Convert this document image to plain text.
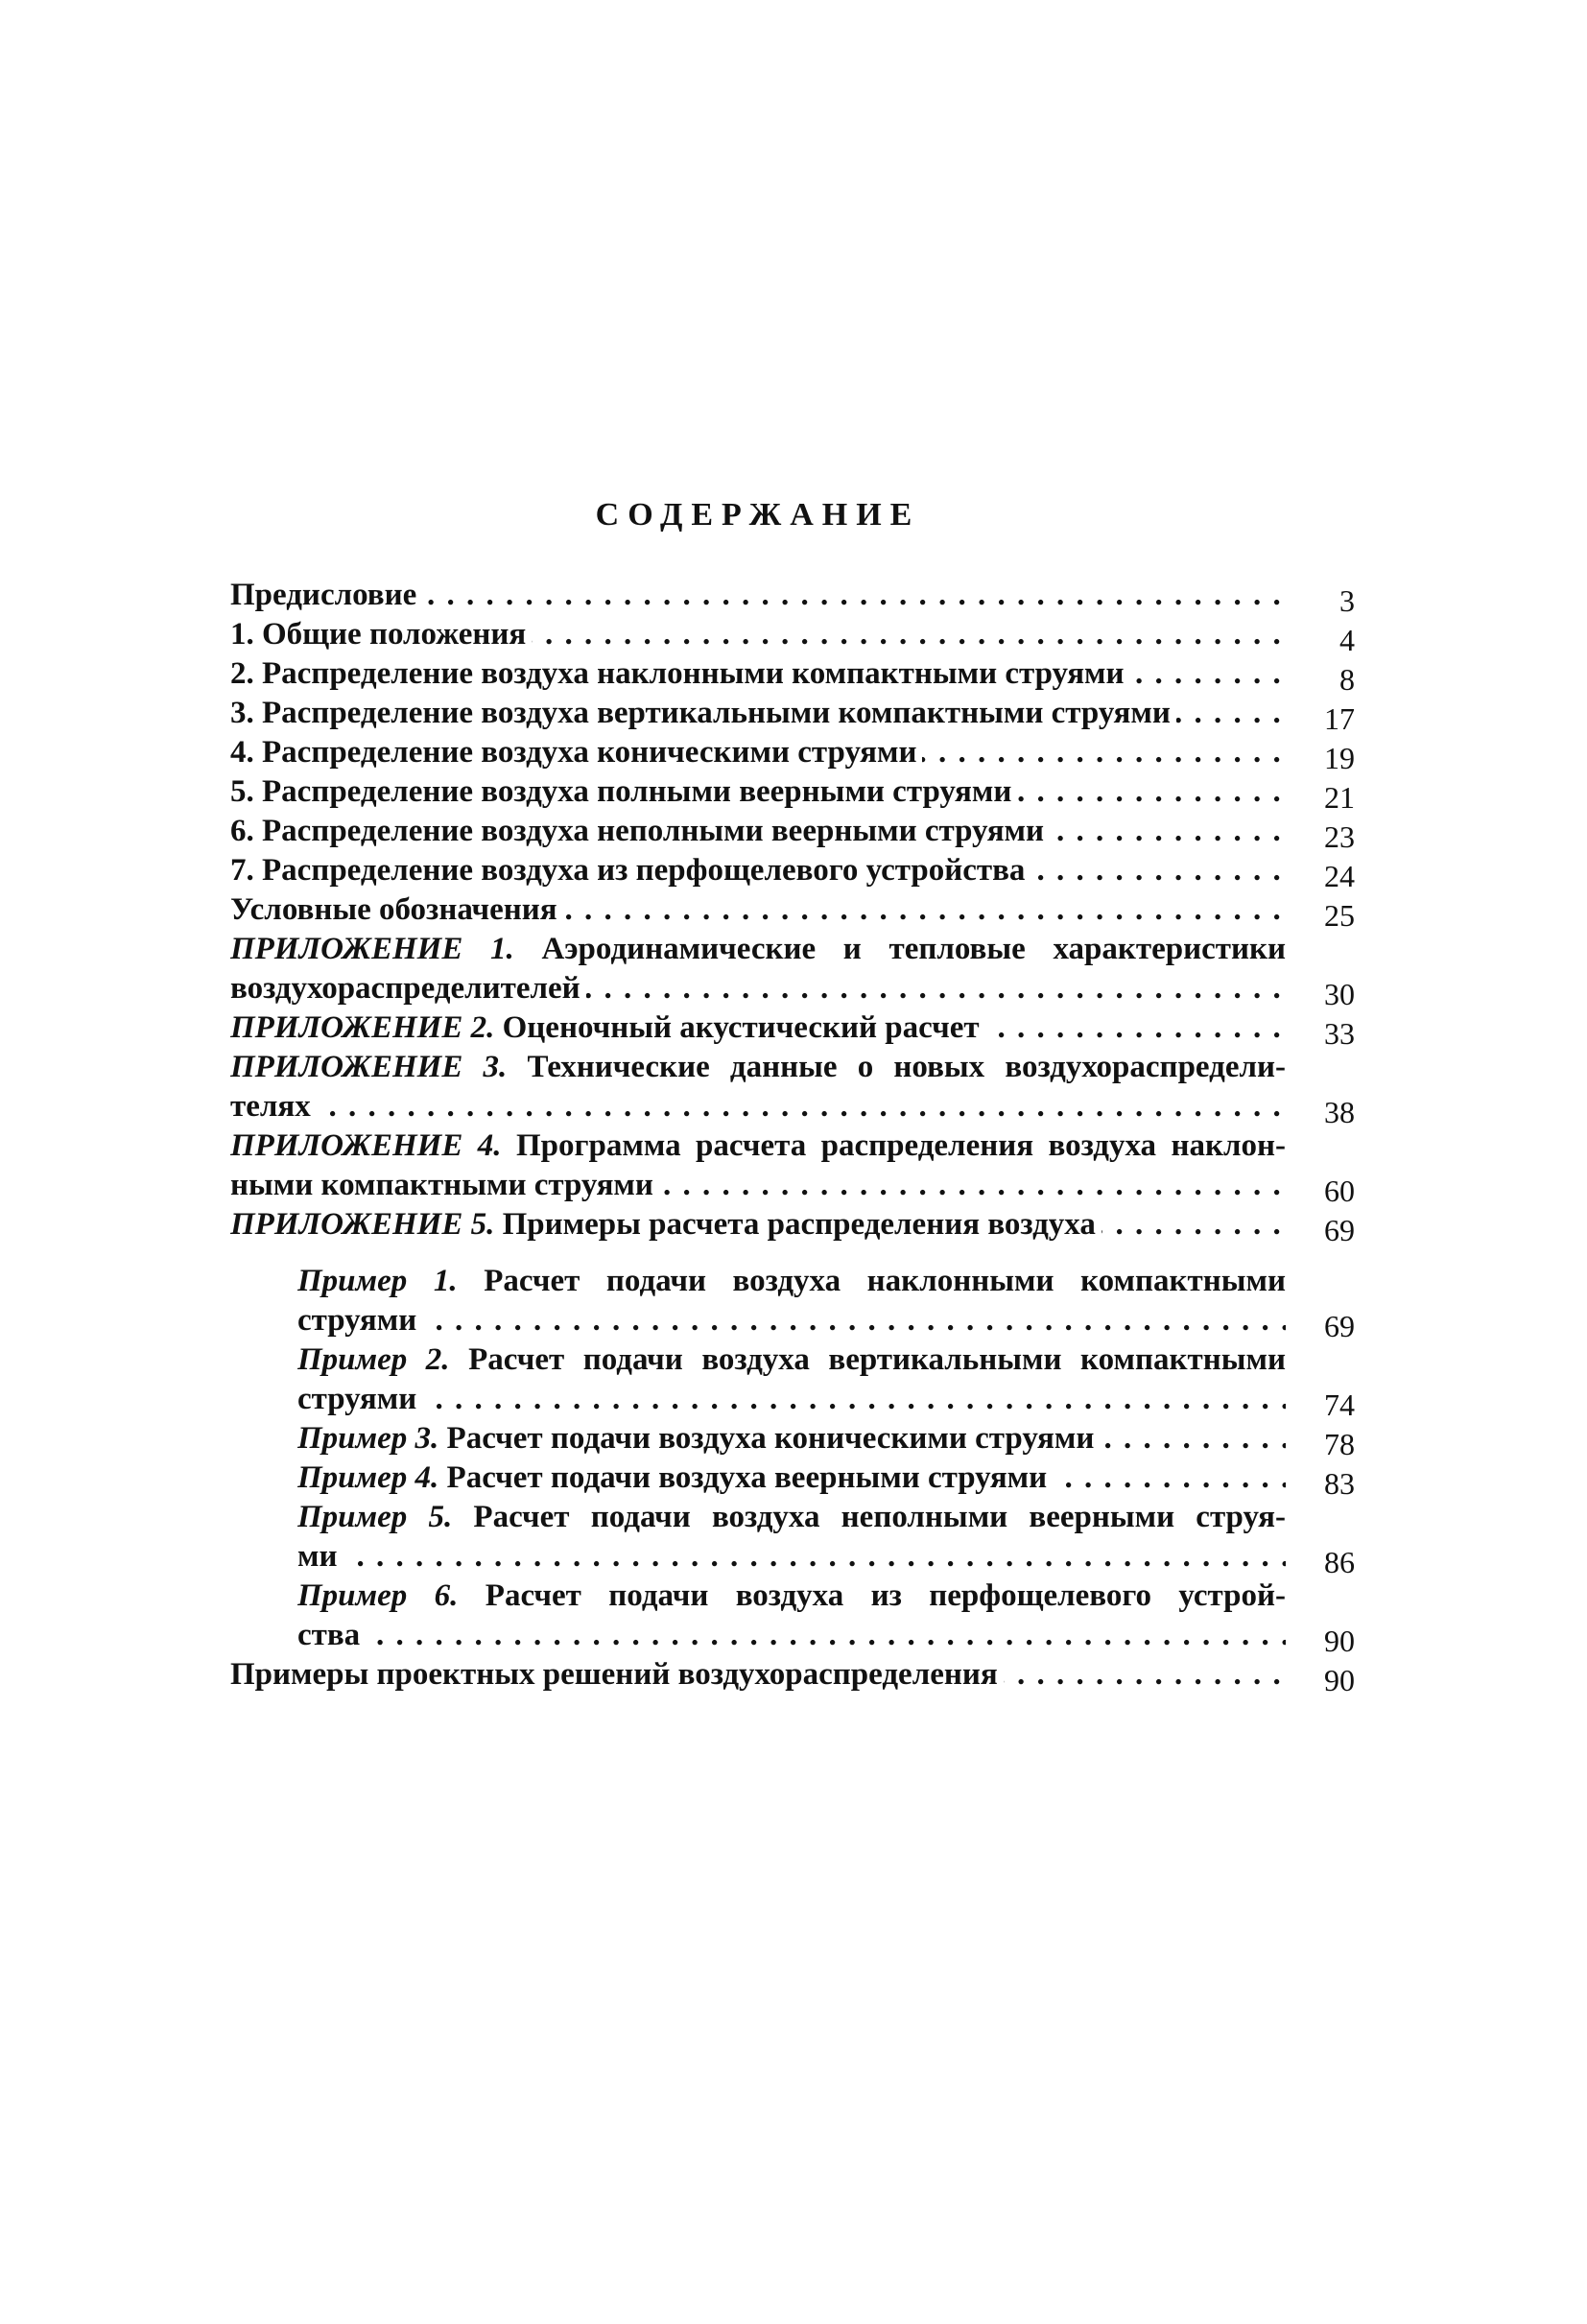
СОДЕРЖАНИЕ
Предисловие . . .	3
1. Общие положения . . .	4
2. Распределение воздуха наклонными компактными струями . . .	8
3. Распределение воздуха вертикальными компактными струями . . .	17
4. Распределение воздуха коническими струями . . .	19
5. Распределение воздуха полными веерными струями . . .	21
6. Распределение воздуха неполными веерными струями . . .	23
7. Распределение воздуха из перфощелевого устройства . . .	24
Условные обозначения . . .	25
ПРИЛОЖЕНИЕ 1. Аэродинамические и тепловые характеристики
воздухораспределителей . . .	30
ПРИЛОЖЕНИЕ 2. Оценочный акустический расчет . . .	33
ПРИЛОЖЕНИЕ 3. Технические данные о новых воздухораспредели-
телях . . .	38
ПРИЛОЖЕНИЕ 4. Программа расчета распределения воздуха наклон-
ными компактными струями . . .	60
ПРИЛОЖЕНИЕ 5. Примеры расчета распределения воздуха . . .	69
Пример 1. Расчет подачи воздуха наклонными компактными
струями . . .	69
Пример 2. Расчет подачи воздуха вертикальными компактными
струями . . .	74
Пример 3. Расчет подачи воздуха коническими струями . . .	78
Пример 4. Расчет подачи воздуха веерными струями . . .	83
Пример 5. Расчет подачи воздуха неполными веерными струя-
ми . . .	86
Пример 6. Расчет подачи воздуха из перфощелевого устрой-
ства . . .	90
Примеры проектных решений воздухораспределения . . .	90
